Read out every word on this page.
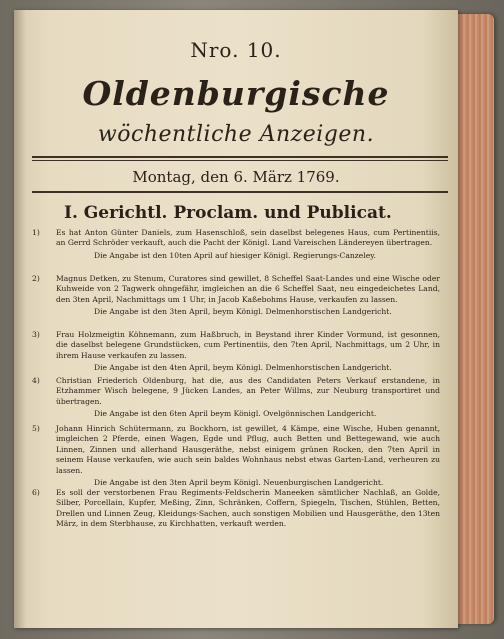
Nro. 10.
Oldenburgische
wöchentliche Anzeigen.
Montag, den 6. März 1769.
I. Gerichtl. Proclam. und Publicat.
1)	Es hat Anton Günter Daniels, zum Hasenschloß, sein daselbst belegenes Haus, cum Pertinentiis, an Gerrd Schröder verkauft, auch die Pacht der Königl. Land Vareischen Ländereyen übertragen.
Die Angabe ist den 10ten April auf hiesiger Königl. Regierungs-Canzeley.
2)	Magnus Detken, zu Stenum, Curatores sind gewillet, 8 Scheffel Saat-Landes und eine Wische oder Kuhweide von 2 Tagwerk ohngefähr, imgleichen an die 6 Scheffel Saat, neu eingedeichetes Land, den 3ten April, Nachmittags um 1 Uhr, in Jacob Kaßebohms Hause, verkaufen zu lassen.
Die Angabe ist den 3ten April, beym Königl. Delmenhorstischen Landgericht.
3)	Frau Holzmeigtin Köhnemann, zum Haßbruch, in Beystand ihrer Kinder Vormund, ist gesonnen, die daselbst belegene Grundstücken, cum Pertinentiis, den 7ten April, Nachmittags, um 2 Uhr, in ihrem Hause verkaufen zu lassen.
Die Angabe ist den 4ten April, beym Königl. Delmenhorstischen Landgericht.
4)	Christian Friederich Oldenburg, hat die, aus des Candidaten Peters Verkauf erstandene, in Etzhammer Wisch belegene, 9 Jücken Landes, an Peter Willms, zur Neuburg transportiret und übertragen.
Die Angabe ist den 6ten April beym Königl. Ovelgönnischen Landgericht.
5)	Johann Hinrich Schütermann, zu Bockhorn, ist gewillet, 4 Kämpe, eine Wische, Huben genannt, imgleichen 2 Pferde, einen Wagen, Egde und Pflug, auch Betten und Bettegewand, wie auch Linnen, Zinnen und allerhand Hausgeräthe, nebst einigem grünen Rocken, den 7ten April in seinem Hause verkaufen, wie auch sein baldes Wohnhaus nebst etwas Garten-Land, verheuren zu lassen.
Die Angabe ist den 3ten April beym Königl. Neuenburgischen Landgericht.
6)	Es soll der verstorbenen Frau Regiments-Feldscherin Maneeken sämtlicher Nachlaß, an Golde, Silber, Porcellain, Kupfer, Meßing, Zinn, Schränken, Coffern, Spiegeln, Tischen, Stühlen, Betten, Drellen und Linnen Zeug, Kleidungs-Sachen, auch sonstigen Mobilien und Hausgeräthe, den 13ten März, in dem Sterbhause, zu Kirchhatten, verkauft werden.
